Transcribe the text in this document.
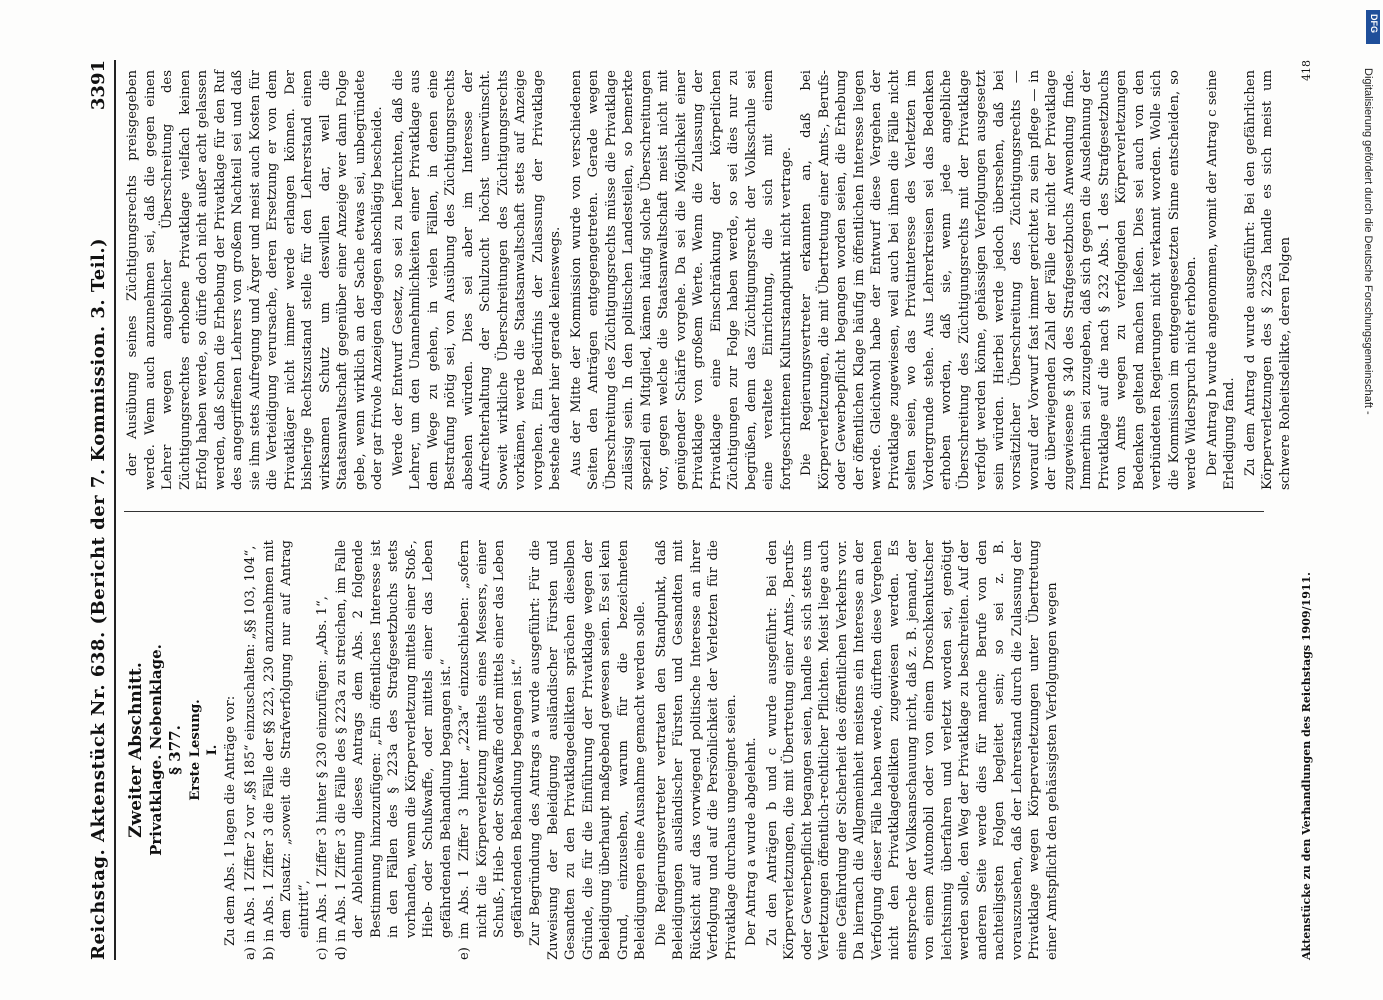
Reichstag. Aktenstück Nr. 638. (Bericht der 7. Kommission. 3. Teil.)
3391
Zweiter Abschnitt. Privatklage. Nebenklage. § 377. Erste Lesung. I. Zu dem Abs. 1 lagen die Anträge vor: a) in Abs. 1 Ziffer 2 vor „§§ 185“ einzuschalten: „§§ 103, 104“, b) in Abs. 1 Ziffer 3 die Fälle der §§ 223, 230 anzunehmen mit dem Zusatz: „soweit die Strafverfolgung nur auf Antrag eintritt“, c) im Abs. 1 Ziffer 3 hinter § 230 einzufügen: „Abs. 1“, d) in Abs. 1 Ziffer 3 die Fälle des § 223a zu streichen, im Falle der Ablehnung dieses Antrags dem Abs. 2 folgende Bestimmung hinzuzufügen: „Ein öffentliches Interesse ist in den Fällen des § 223a des Strafgesetzbuchs stets vorhanden, wenn die Körperverletzung mittels einer Stoß-, Hieb- oder Schußwaffe, oder mittels einer das Leben gefährdenden Behandlung begangen ist.“ e) im Abs. 1 Ziffer 3 hinter „223a“ einzuschieben: „sofern nicht die Körperverletzung mittels eines Messers, einer Schuß-, Hieb- oder Stoßwaffe oder mittels einer das Leben gefährdenden Behandlung begangen ist.“ Zur Begründung des Antrags a wurde ausgeführt: Für die Zuweisung der Beleidigung ausländischer Fürsten und Gesandten zu den Privatklagedelikten sprächen dieselben Gründe, die für die Einführung der Privatklage wegen der Beleidigung überhaupt maßgebend gewesen seien. Es sei kein Grund, einzusehen, warum für die bezeichneten Beleidigungen eine Ausnahme gemacht werden solle. Die Regierungsvertreter vertraten den Standpunkt, daß Beleidigungen ausländischer Fürsten und Gesandten mit Rücksicht auf das vorwiegend politische Interesse an ihrer Verfolgung und auf die Persönlichkeit der Verletzten für die Privatklage durchaus ungeeignet seien. Der Antrag a wurde abgelehnt. Zu den Anträgen b und c wurde ausgeführt: Bei den Körperverletzungen, die mit Übertretung einer Amts-, Berufs- oder Gewerbepflicht begangen seien, handle es sich stets um Verletzungen öffentlich-rechtlicher Pflichten. Meist liege auch eine Gefährdung der Sicherheit des öffentlichen Verkehrs vor. Da hiernach die Allgemeinheit meistens ein Interesse an der Verfolgung dieser Fälle haben werde, dürften diese Vergehen nicht den Privatklagedelikten zugewiesen werden. Es entspreche der Volksanschauung nicht, daß z. B. jemand, der von einem Automobil oder von einem Droschkenkutscher leichtsinnig überfahren und verletzt worden sei, genötigt werden solle, den Weg der Privatklage zu beschreiten. Auf der anderen Seite werde dies für manche Berufe von den nachteiligsten Folgen begleitet sein; so sei z. B. vorauszusehen, daß der Lehrerstand durch die Zulassung der Privatklage wegen Körperverletzungen unter Übertretung einer Amtspflicht den gehässigsten Verfolgungen wegen

der Ausübung seines Züchtigungsrechts preisgegeben werde. Wenn auch anzunehmen sei, daß die gegen einen Lehrer wegen angeblicher Überschreitung des Züchtigungsrechtes erhobene Privatklage vielfach keinen Erfolg haben werde, so dürfe doch nicht außer acht gelassen werden, daß schon die Erhebung der Privatklage für den Ruf des angegriffenen Lehrers von großem Nachteil sei und daß sie ihm stets Aufregung und Ärger und meist auch Kosten für die Verteidigung verursache, deren Ersetzung er von dem Privatkläger nicht immer werde erlangen können. Der bisherige Rechtszustand stelle für den Lehrerstand einen wirksamen Schutz um deswillen dar, weil die Staatsanwaltschaft gegenüber einer Anzeige wer dann Folge gebe, wenn wirklich an der Sache etwas sei, unbegründete oder gar frivole Anzeigen dagegen abschlägig bescheide. Werde der Entwurf Gesetz, so sei zu befürchten, daß die Lehrer, um den Unannehmlichkeiten einer Privatklage aus dem Wege zu gehen, in vielen Fällen, in denen eine Bestrafung nötig sei, von Ausübung des Züchtigungsrechts absehen würden. Dies sei aber im Interesse der Aufrechterhaltung der Schulzucht höchst unerwünscht. Soweit wirkliche Überschreitungen des Züchtigungsrechts vorkämen, werde die Staatsanwaltschaft stets auf Anzeige vorgehen. Ein Bedürfnis der Zulassung der Privatklage bestehe daher hier gerade keineswegs. Aus der Mitte der Kommission wurde von verschiedenen Seiten den Anträgen entgegengetreten. Gerade wegen Überschreitung des Züchtigungsrechts müsse die Privatklage zulässig sein. In den politischen Landesteilen, so bemerkte speziell ein Mitglied, kämen häufig solche Überschreitungen vor, gegen welche die Staatsanwaltschaft meist nicht mit genügender Schärfe vorgehe. Da sei die Möglichkeit einer Privatklage von großem Werte. Wenn die Zulassung der Privatklage eine Einschränkung der körperlichen Züchtigungen zur Folge haben werde, so sei dies nur zu begrüßen, denn das Züchtigungsrecht der Volksschule sei eine veraltete Einrichtung, die sich mit einem fortgeschrittenen Kulturstandpunkt nicht vertrage. Die Regierungsvertreter erkannten an, daß bei Körperverletzungen, die mit Übertretung einer Amts-, Berufs- oder Gewerbepflicht begangen worden seien, die Erhebung der öffentlichen Klage häufig im öffentlichen Interesse liegen werde. Gleichwohl habe der Entwurf diese Vergehen der Privatklage zugewiesen, weil auch bei ihnen die Fälle nicht selten seien, wo das Privatinteresse des Verletzten im Vordergrunde stehe. Aus Lehrerkreisen sei das Bedenken erhoben worden, daß sie, wenn jede angebliche Überschreitung des Züchtigungsrechts mit der Privatklage verfolgt werden könne, gehässigen Verfolgungen ausgesetzt sein würden. Hierbei werde jedoch übersehen, daß bei vorsätzlicher Überschreitung des Züchtigungsrechts — worauf der Vorwurf fast immer gerichtet zu sein pflege — in der überwiegenden Zahl der Fälle der nicht der Privatklage zugewiesene § 340 des Strafgesetzbuchs Anwendung finde. Immerhin sei zuzugeben, daß sich gegen die Ausdehnung der Privatklage auf die nach § 232 Abs. 1 des Strafgesetzbuchs von Amts wegen zu verfolgenden Körperverletzungen Bedenken geltend machen ließen. Dies sei auch von den verbündeten Regierungen nicht verkannt worden. Wolle sich die Kommission im entgegengesetzten Sinne entscheiden, so werde Widerspruch nicht erhoben. Der Antrag b wurde angenommen, womit der Antrag c seine Erledigung fand. Zu dem Antrag d wurde ausgeführt: Bei den gefährlichen Körperverletzungen des § 223a handle es sich meist um schwere Roheitsdelikte, deren Folgen

Aktenstücke zu den Verhandlungen des Reichstags 1909/1911.
418
DFG
Digitalisierung gefördert durch die Deutsche Forschungsgemeinschaft -
